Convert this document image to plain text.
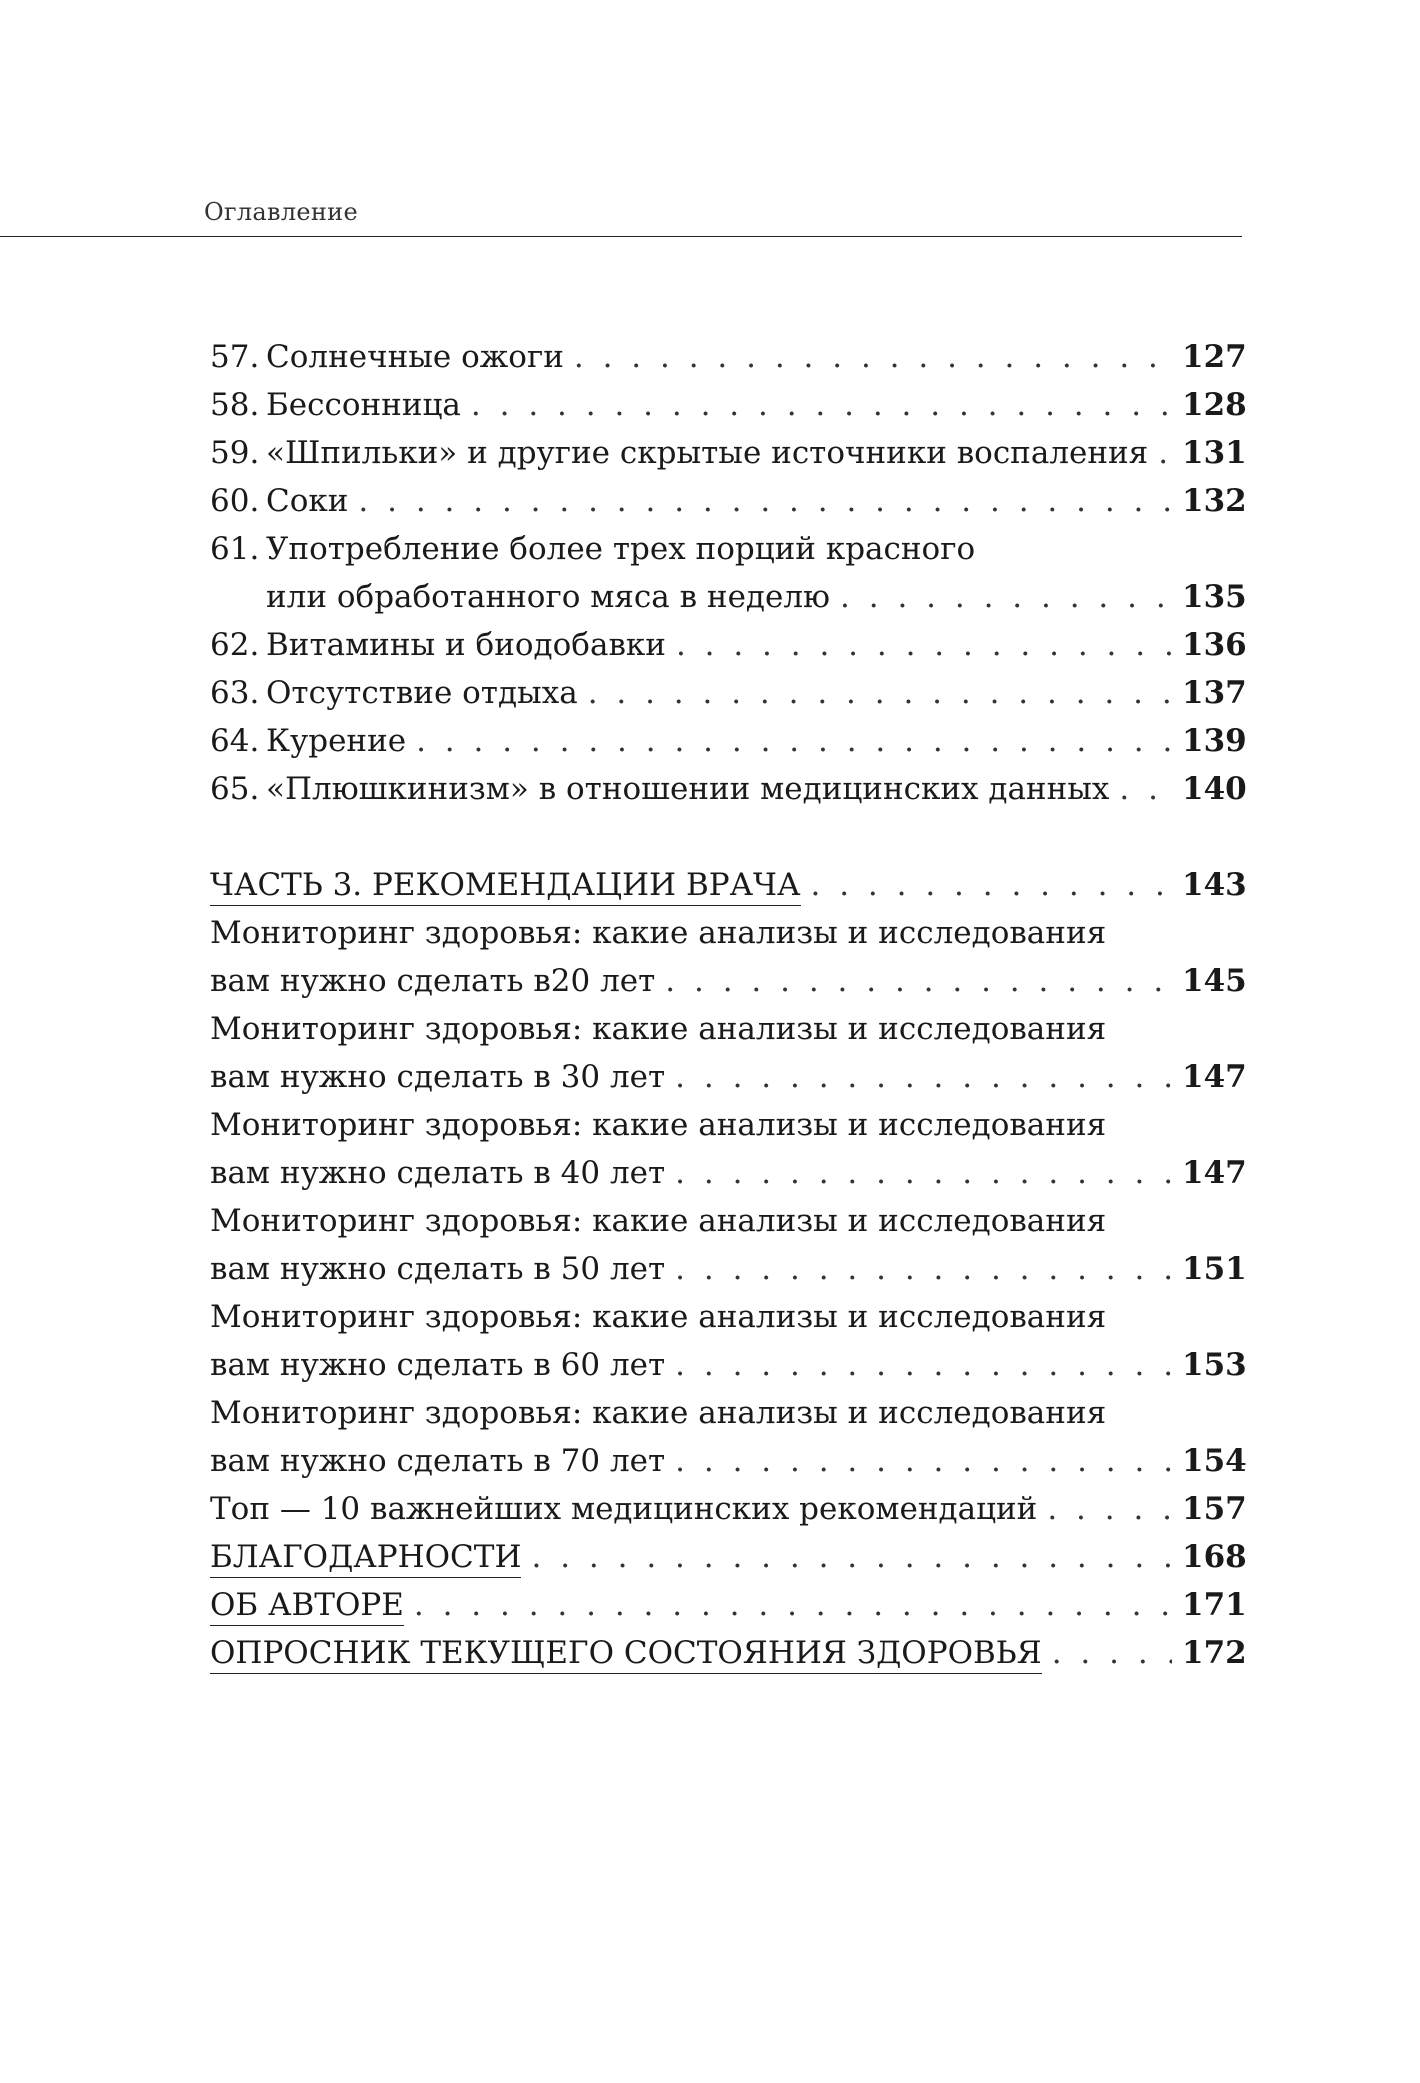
Оглавление
57. Солнечные ожоги . . .	127
58. Бессонница . . .	128
59. «Шпильки» и другие скрытые источники воспаления . . . 131
60. Соки . . .	132
61. Употребление более трех порций красного
или обработанного мяса в неделю . . .	135
62. Витамины и биодобавки . . .	136
63. Отсутствие отдыха . . .	137
64. Курение . . .	139
65. «Плюшкинизм» в отношении медицинских данных . . . 140
ЧАСТЬ 3. РЕКОМЕНДАЦИИ ВРАЧА . . .	143
Мониторинг здоровья: какие анализы и исследования
вам нужно сделать в20 лет . . .	145
Мониторинг здоровья: какие анализы и исследования
вам нужно сделать в 30 лет . . .	147
Мониторинг здоровья: какие анализы и исследования
вам нужно сделать в 40 лет . . .	147
Мониторинг здоровья: какие анализы и исследования
вам нужно сделать в 50 лет . . .	151
Мониторинг здоровья: какие анализы и исследования
вам нужно сделать в 60 лет . . .	153
Мониторинг здоровья: какие анализы и исследования
вам нужно сделать в 70 лет . . .	154
Топ — 10 важнейших медицинских рекомендаций . . .	157
БЛАГОДАРНОСТИ . . .	168
ОБ АВТОРЕ . . .	171
ОПРОСНИК ТЕКУЩЕГО СОСТОЯНИЯ ЗДОРОВЬЯ . . .	172
